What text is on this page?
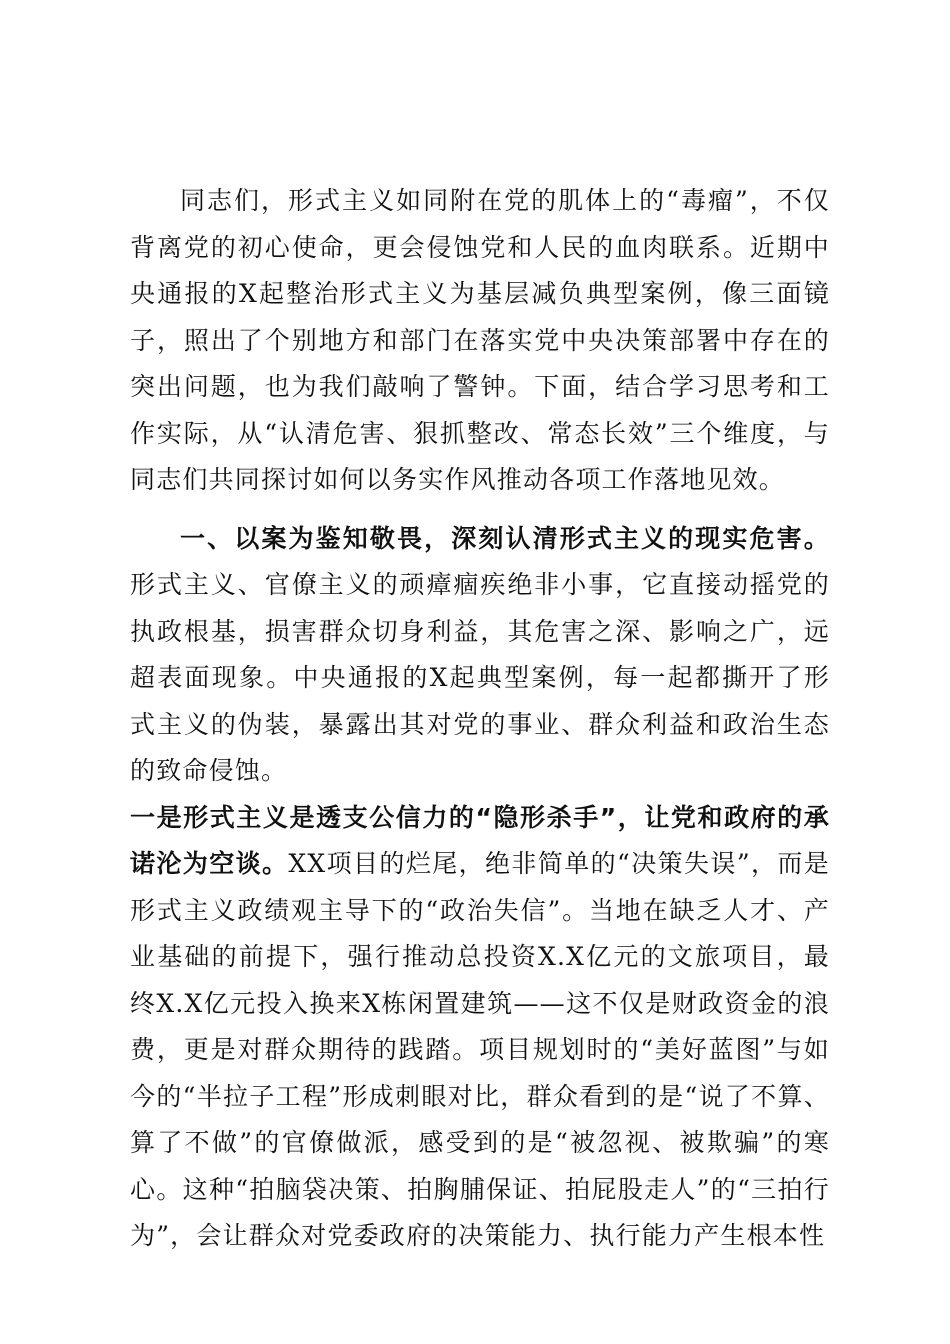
同志们，形式主义如同附在党的肌体上的“毒瘤”，不仅背离党的初心使命，更会侵蚀党和人民的血肉联系。近期中央通报的X起整治形式主义为基层减负典型案例，像三面镜子，照出了个别地方和部门在落实党中央决策部署中存在的突出问题，也为我们敲响了警钟。下面，结合学习思考和工作实际，从“认清危害、狠抓整改、常态长效”三个维度，与同志们共同探讨如何以务实作风推动各项工作落地见效。

一、以案为鉴知敬畏，深刻认清形式主义的现实危害。形式主义、官僚主义的顽瘴痼疾绝非小事，它直接动摇党的执政根基，损害群众切身利益，其危害之深、影响之广，远超表面现象。中央通报的X起典型案例，每一起都撕开了形式主义的伪装，暴露出其对党的事业、群众利益和政治生态的致命侵蚀。

一是形式主义是透支公信力的“隐形杀手”，让党和政府的承诺沦为空谈。XX项目的烂尾，绝非简单的“决策失误”，而是形式主义政绩观主导下的“政治失信”。当地在缺乏人才、产业基础的前提下，强行推动总投资X.X亿元的文旅项目，最终X.X亿元投入换来X栋闲置建筑——这不仅是财政资金的浪费，更是对群众期待的践踏。项目规划时的“美好蓝图”与如今的“半拉子工程”形成刺眼对比，群众看到的是“说了不算、算了不做”的官僚做派，感受到的是“被忽视、被欺骗”的寒心。这种“拍脑袋决策、拍胸脯保证、拍屁股走人”的“三拍行为”，会让群众对党委政府的决策能力、执行能力产生根本性
